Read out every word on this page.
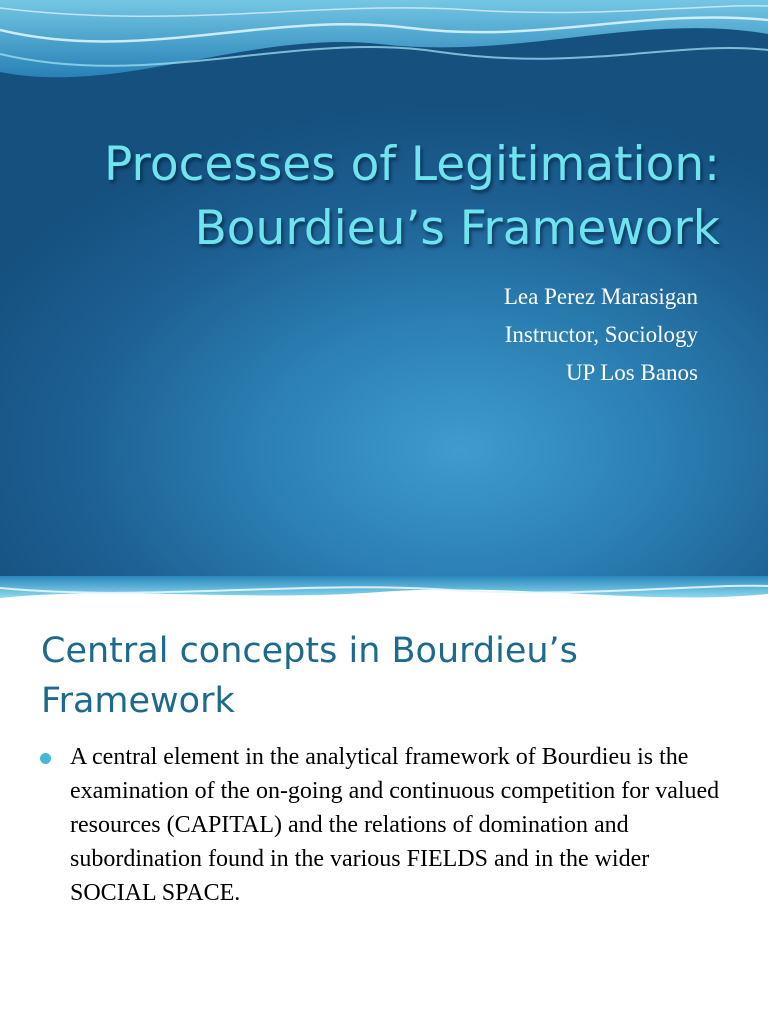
Processes of Legitimation:
Bourdieu’s Framework
Lea Perez Marasigan
Instructor, Sociology
UP Los Banos
Central concepts in Bourdieu’s
Framework
A central element in the analytical framework of Bourdieu is the examination of the on-going and continuous competition for valued resources (CAPITAL) and the relations of domination and subordination found in the various FIELDS and in the wider SOCIAL SPACE.
